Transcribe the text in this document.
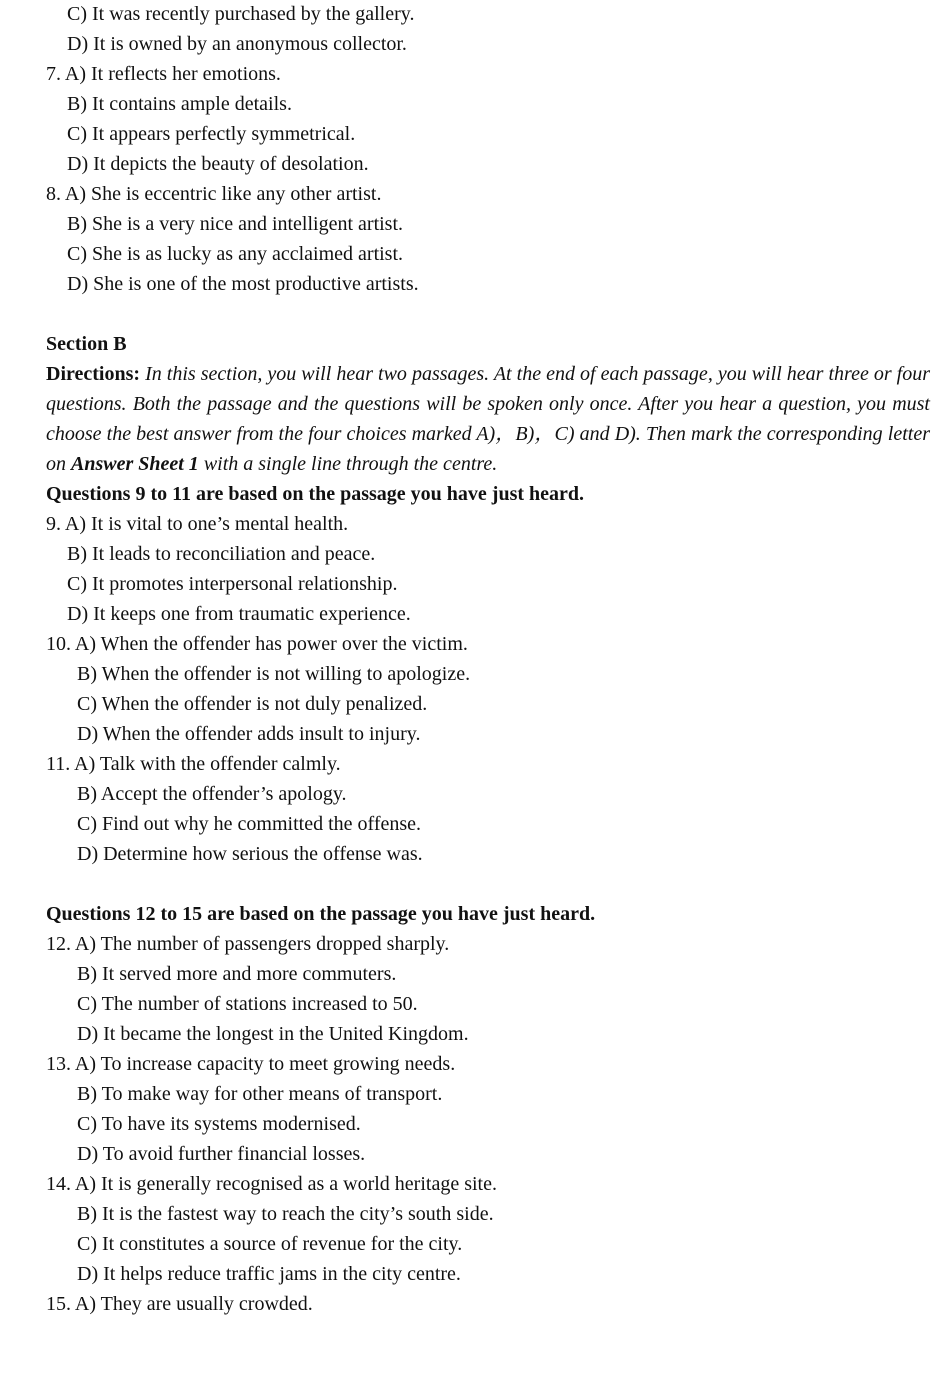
C) It was recently purchased by the gallery.
D) It is owned by an anonymous collector.
7. A) It reflects her emotions.
B) It contains ample details.
C) It appears perfectly symmetrical.
D) It depicts the beauty of desolation.
8. A) She is eccentric like any other artist.
B) She is a very nice and intelligent artist.
C) She is as lucky as any acclaimed artist.
D) She is one of the most productive artists.
Section B

Directions: In this section, you will hear two passages. At the end of each passage, you will hear three or four questions. Both the passage and the questions will be spoken only once. After you hear a question, you must choose the best answer from the four choices marked A)，B)，C) and D). Then mark the corresponding letter on Answer Sheet 1 with a single line through the centre.

Questions 9 to 11 are based on the passage you have just heard.
9. A) It is vital to one’s mental health.
B) It leads to reconciliation and peace.
C) It promotes interpersonal relationship.
D) It keeps one from traumatic experience.
10. A) When the offender has power over the victim.
B) When the offender is not willing to apologize.
C) When the offender is not duly penalized.
D) When the offender adds insult to injury.
11. A) Talk with the offender calmly.
B) Accept the offender’s apology.
C) Find out why he committed the offense.
D) Determine how serious the offense was.
Questions 12 to 15 are based on the passage you have just heard.
12. A) The number of passengers dropped sharply.
B) It served more and more commuters.
C) The number of stations increased to 50.
D) It became the longest in the United Kingdom.
13. A) To increase capacity to meet growing needs.
B) To make way for other means of transport.
C) To have its systems modernised.
D) To avoid further financial losses.
14. A) It is generally recognised as a world heritage site.
B) It is the fastest way to reach the city’s south side.
C) It constitutes a source of revenue for the city.
D) It helps reduce traffic jams in the city centre.
15. A) They are usually crowded.
